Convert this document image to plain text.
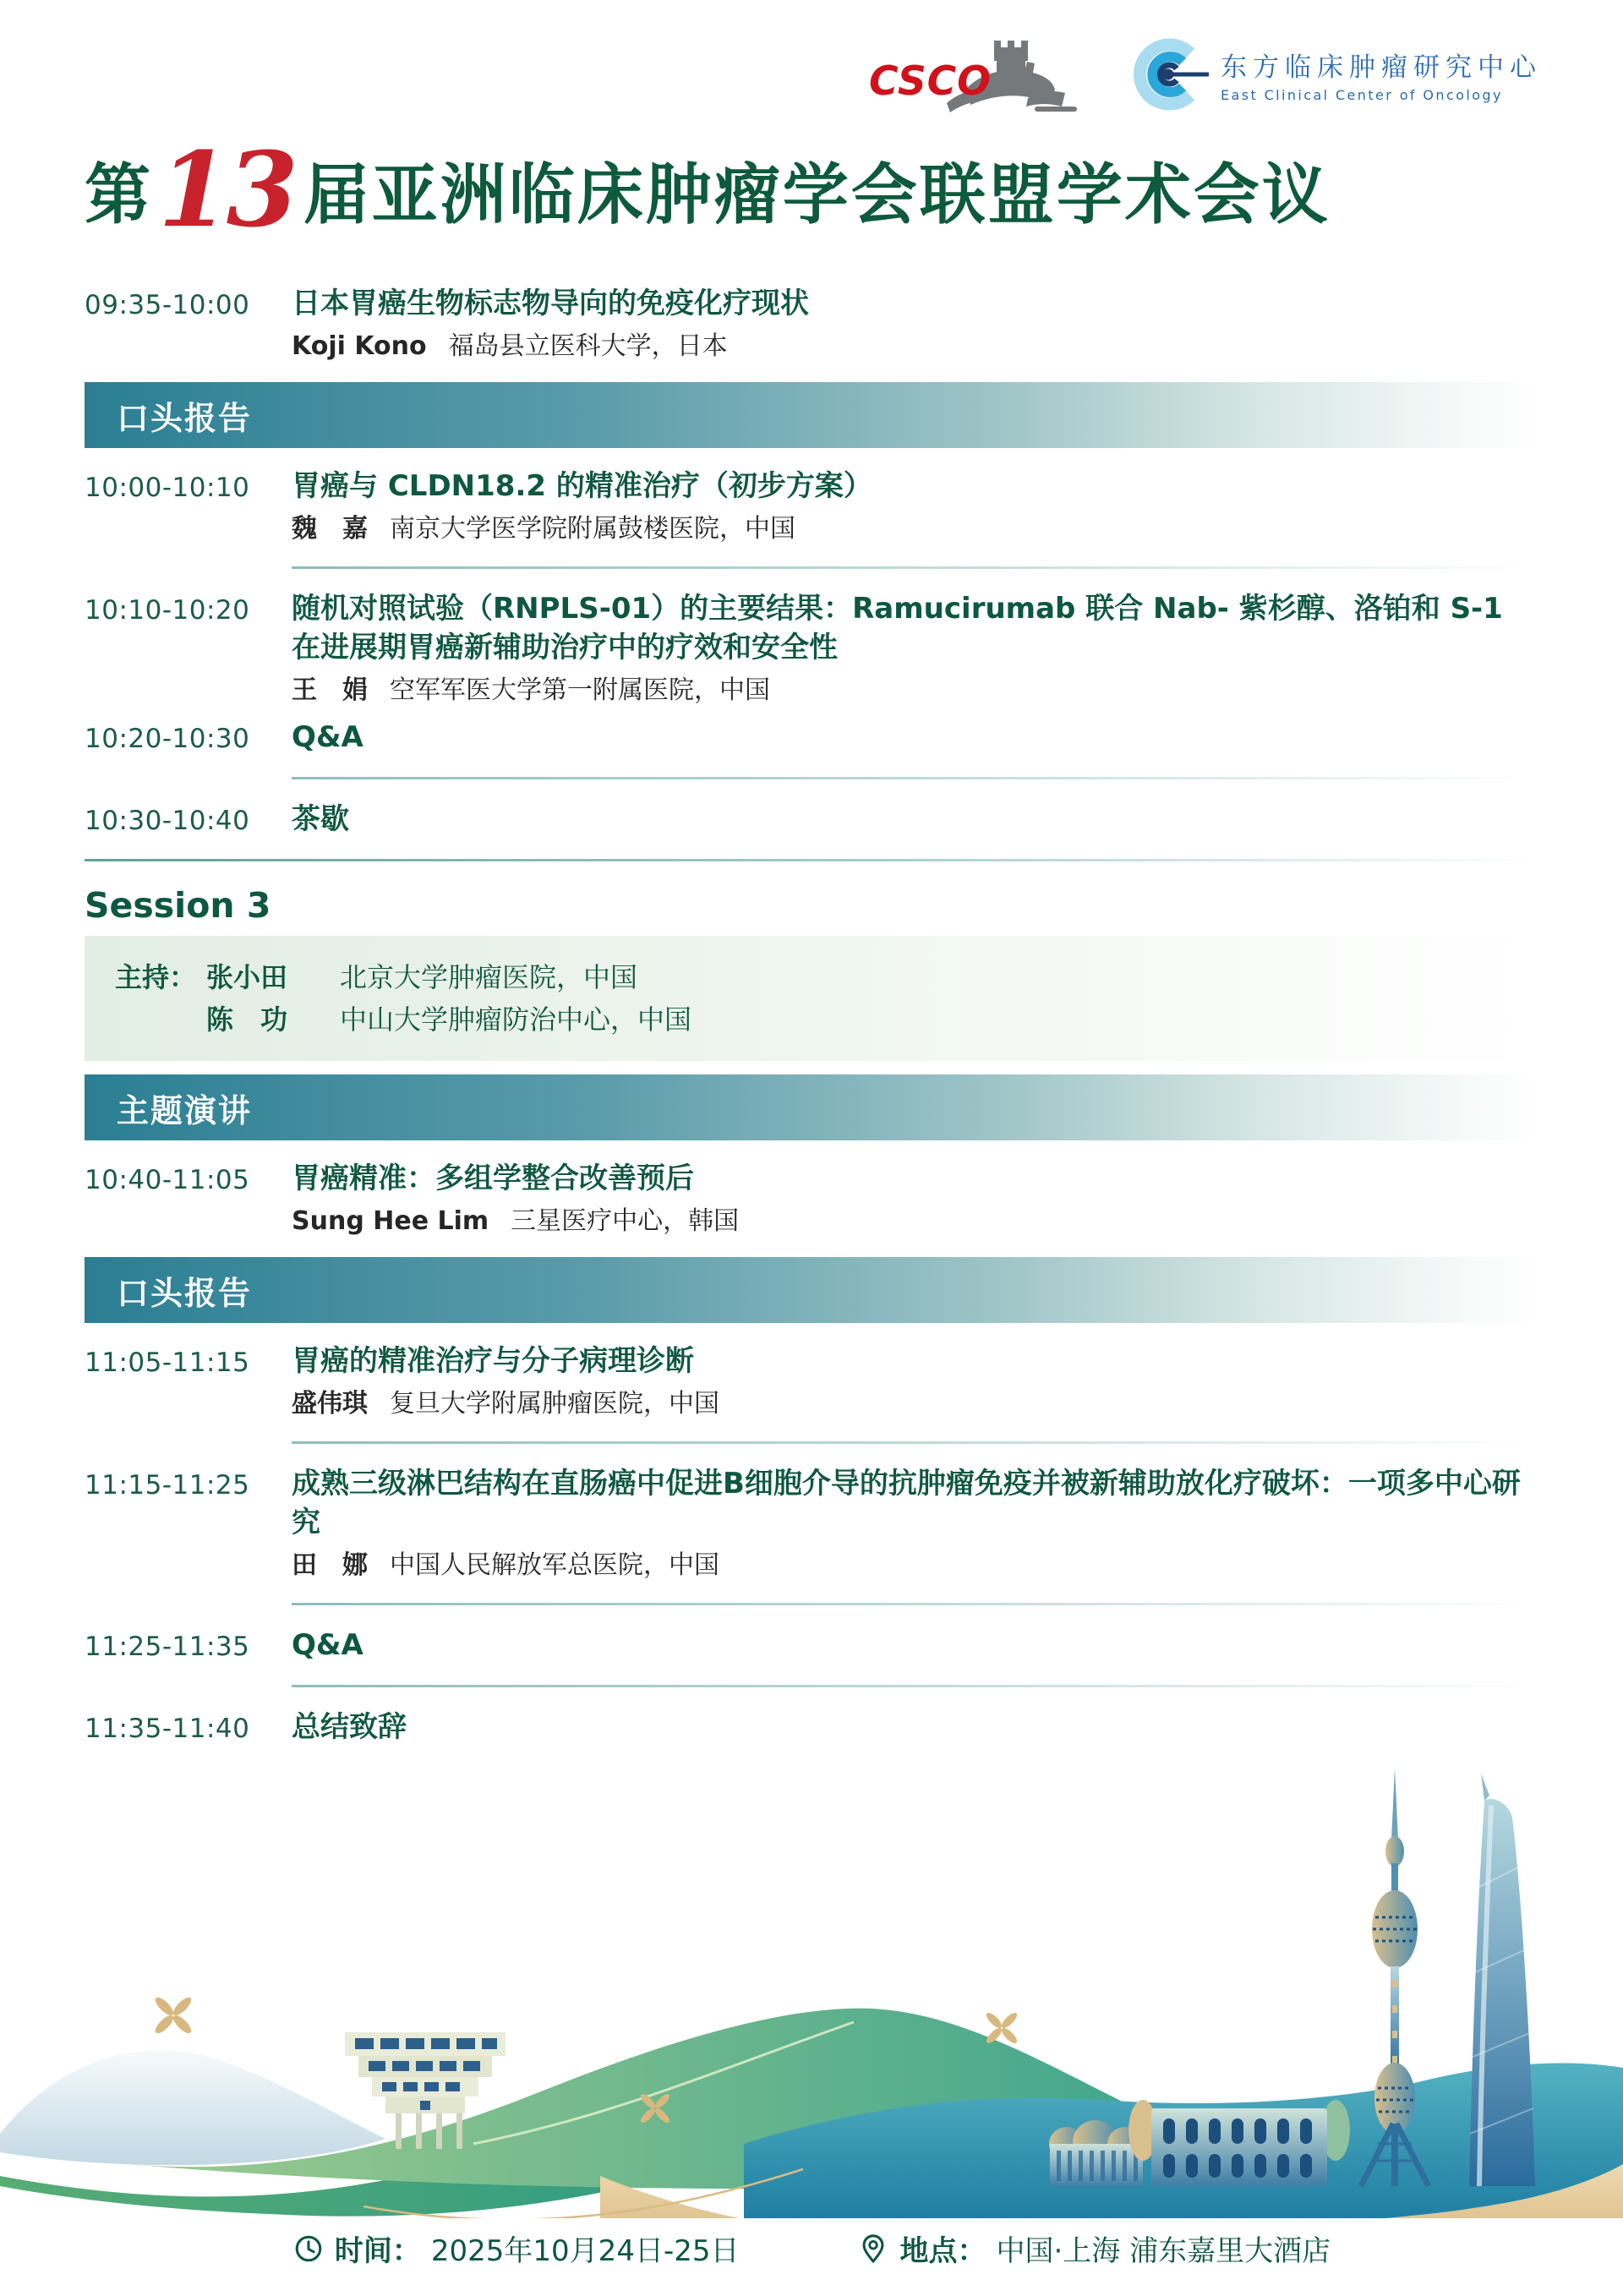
CSCO	东方临床肿瘤研究中心
East Clinical Center of Oncology
第13 届亚洲临床肿瘤学会联盟学术会议
09:35-10:00	日本胃癌生物标志物导向的免疫化疗现状
Koji Kono 福岛县立医科大学，日本
口头报告
10:00-10:10	胃癌与 CLDN18.2 的精准治疗（初步方案）
魏　嘉 南京大学医学院附属鼓楼医院，中国
10:10-10:20	随机对照试验（RNPLS-01）的主要结果：Ramucirumab 联合 Nab- 紫杉醇、洛铂和 S-1 在进展期胃癌新辅助治疗中的疗效和安全性
王　娟 空军军医大学第一附属医院，中国
10:20-10:30	Q&A
10:30-10:40	茶歇
Session 3
主持： 张小田	北京大学肿瘤医院，中国
陈　功	中山大学肿瘤防治中心，中国
主题演讲
10:40-11:05	胃癌精准：多组学整合改善预后
Sung Hee Lim 三星医疗中心，韩国
口头报告
11:05-11:15	胃癌的精准治疗与分子病理诊断
盛伟琪 复旦大学附属肿瘤医院，中国
11:15-11:25	成熟三级淋巴结构在直肠癌中促进B细胞介导的抗肿瘤免疫并被新辅助放化疗破坏：一项多中心研究
田　娜 中国人民解放军总医院，中国
11:25-11:35	Q&A
11:35-11:40	总结致辞
时间： 2025年10月24日-25日	地点： 中国·上海 浦东嘉里大酒店
